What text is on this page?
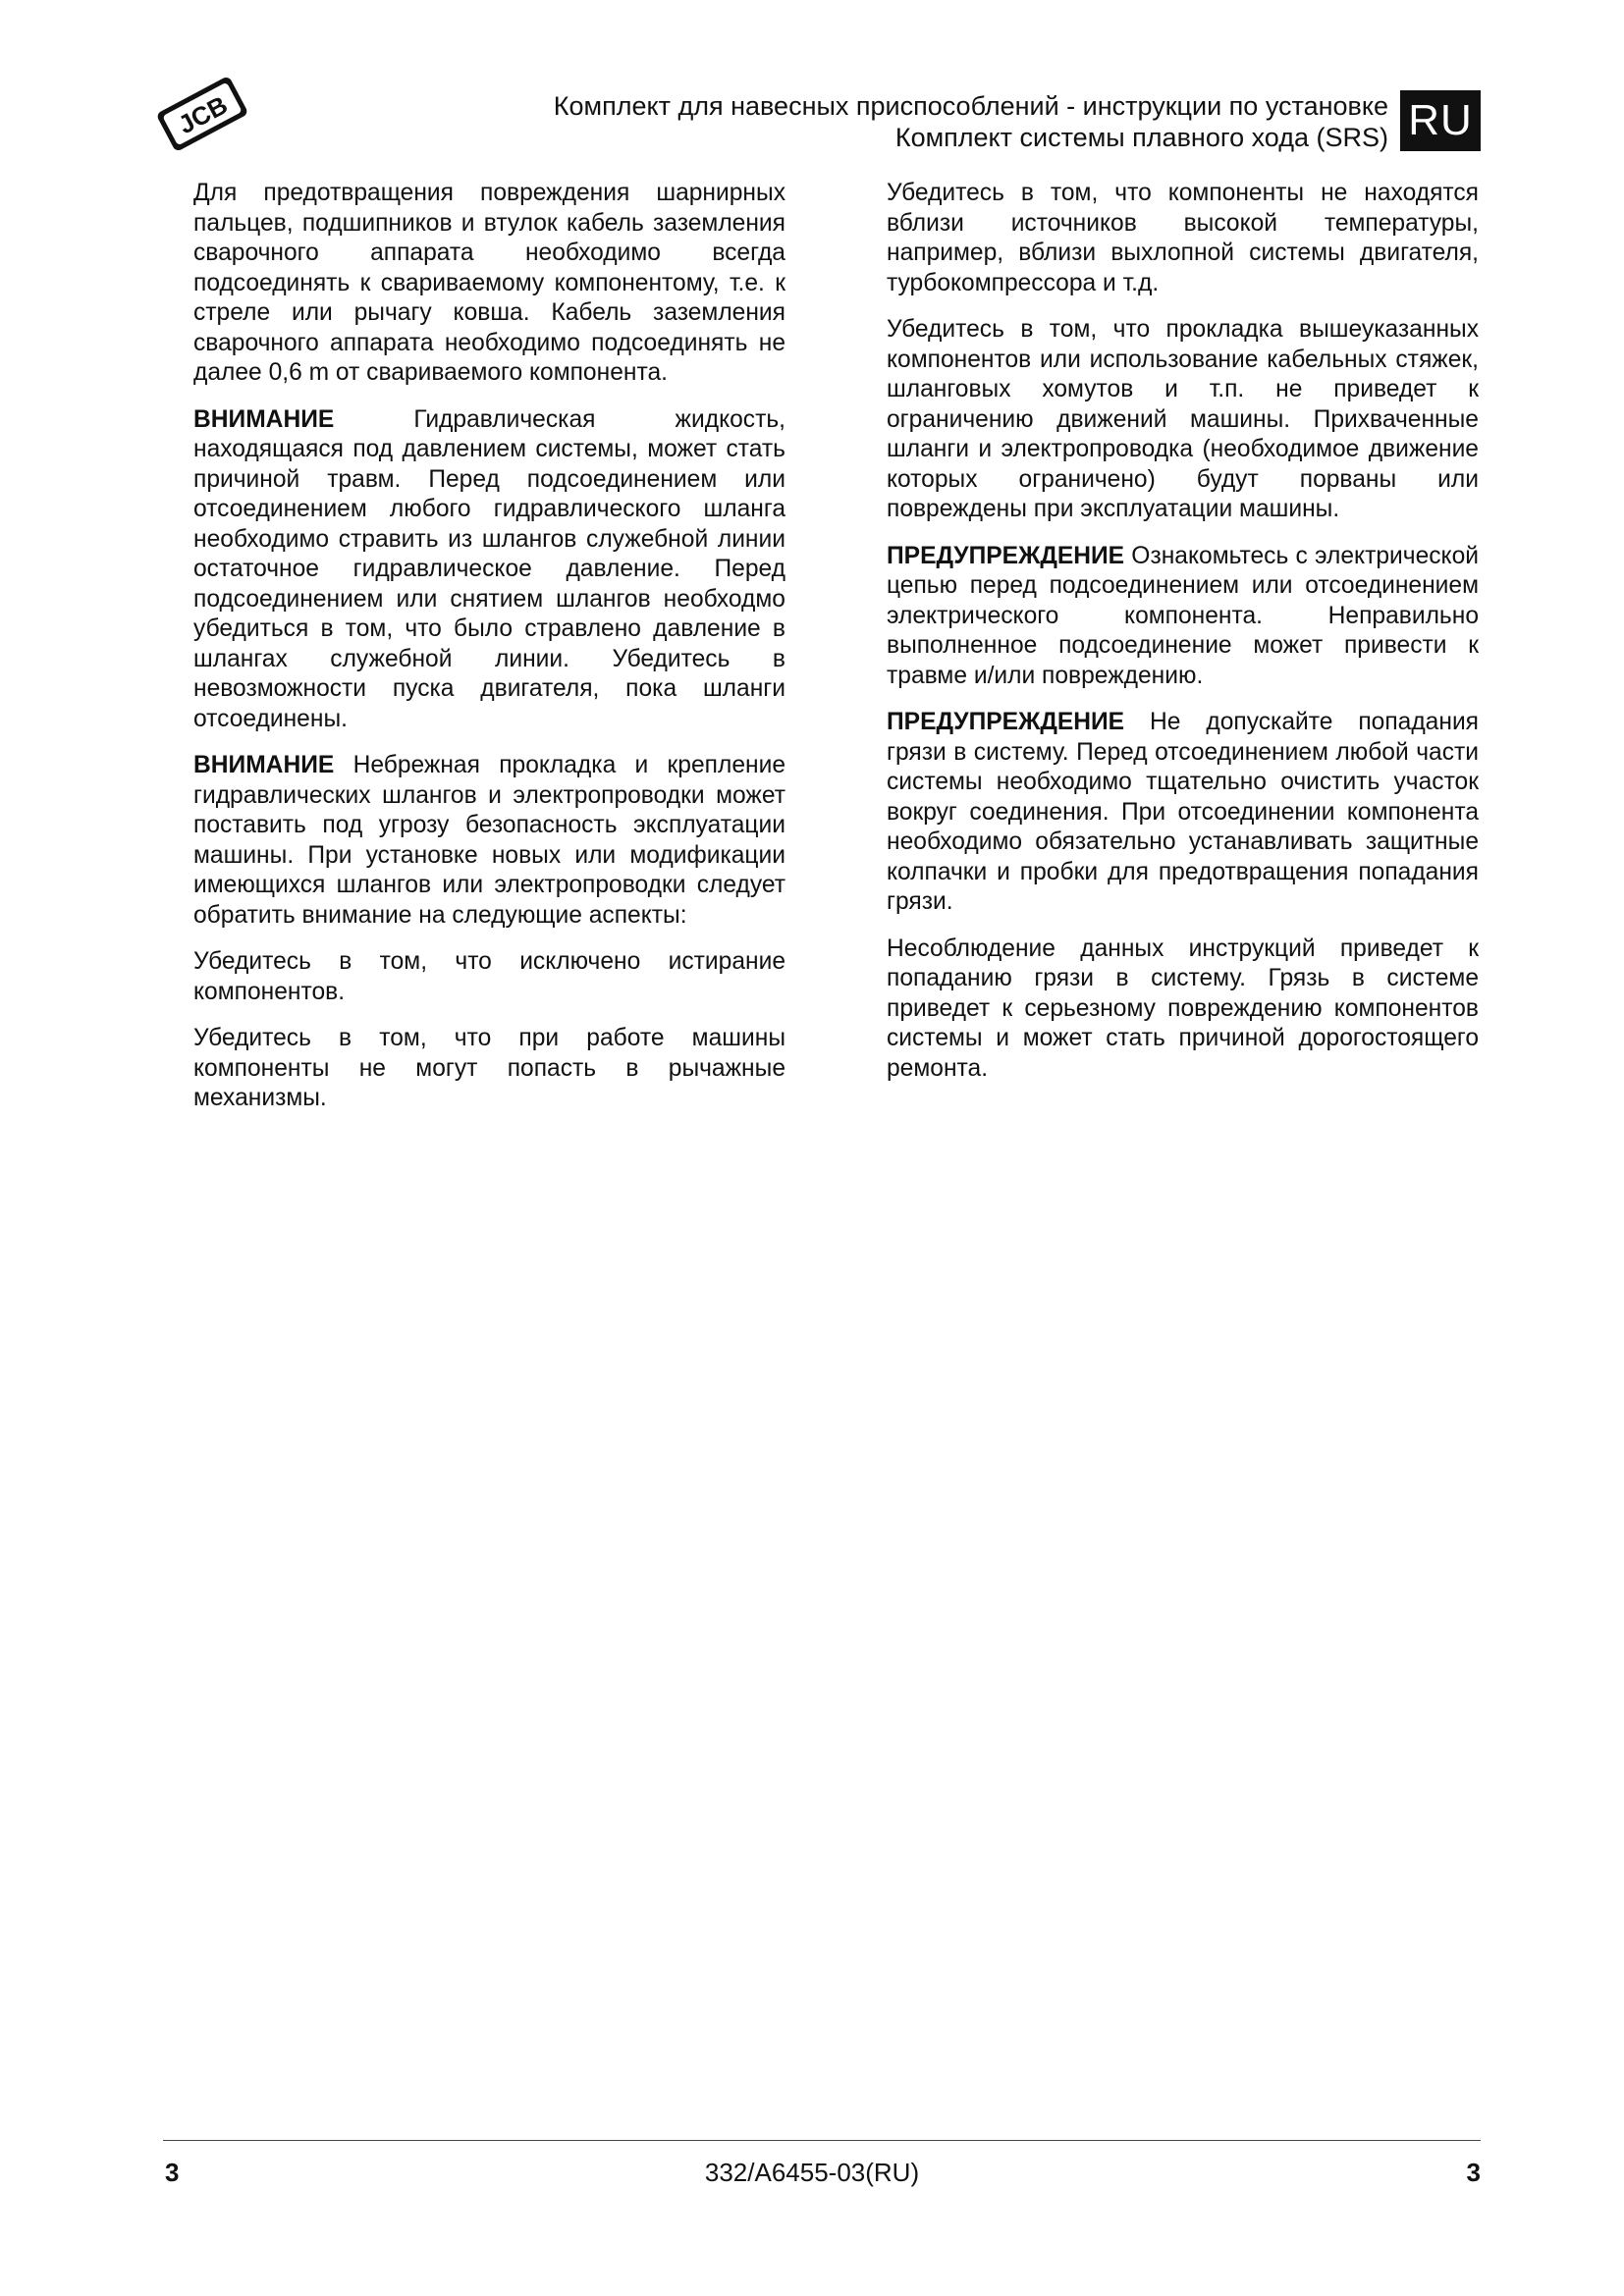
JCB	Комплект для навесных приспособлений - инструкции по установке
Комплект системы плавного хода (SRS) RU

Для предотвращения повреждения шарнирных пальцев, подшипников и втулок кабель заземления сварочного аппарата необходимо всегда подсоединять к свариваемому компонентому, т.е. к стреле или рычагу ковша. Кабель заземления сварочного аппарата необходимо подсоединять не далее 0,6 m от свариваемого компонента.

ВНИМАНИЕ Гидравлическая жидкость, находящаяся под давлением системы, может стать причиной травм. Перед подсоединением или отсоединением любого гидравлического шланга необходимо стравить из шлангов служебной линии остаточное гидравлическое давление. Перед подсоединением или снятием шлангов необходмо убедиться в том, что было стравлено давление в шлангах служебной линии. Убедитесь в невозможности пуска двигателя, пока шланги отсоединены.

ВНИМАНИЕ Небрежная прокладка и крепление гидравлических шлангов и электропроводки может поставить под угрозу безопасность эксплуатации машины. При установке новых или модификации имеющихся шлангов или электропроводки следует обратить внимание на следующие аспекты:

Убедитесь в том, что исключено истирание компонентов.

Убедитесь в том, что при работе машины компоненты не могут попасть в рычажные механизмы.

Убедитесь в том, что компоненты не находятся вблизи источников высокой температуры, например, вблизи выхлопной системы двигателя, турбокомпрессора и т.д.

Убедитесь в том, что прокладка вышеуказанных компонентов или использование кабельных стяжек, шланговых хомутов и т.п. не приведет к ограничению движений машины. Прихваченные шланги и электропроводка (необходимое движение которых ограничено) будут порваны или повреждены при эксплуатации машины.

ПРЕДУПРЕЖДЕНИЕ Ознакомьтесь с электрической цепью перед подсоединением или отсоединением электрического компонента. Неправильно выполненное подсоединение может привести к травме и/или повреждению.

ПРЕДУПРЕЖДЕНИЕ Не допускайте попадания грязи в систему. Перед отсоединением любой части системы необходимо тщательно очистить участок вокруг соединения. При отсоединении компонента необходимо обязательно устанавливать защитные колпачки и пробки для предотвращения попадания грязи.

Несоблюдение данных инструкций приведет к попаданию грязи в систему. Грязь в системе приведет к серьезному повреждению компонентов системы и может стать причиной дорогостоящего ремонта.

3	332/A6455-03(RU)	3
